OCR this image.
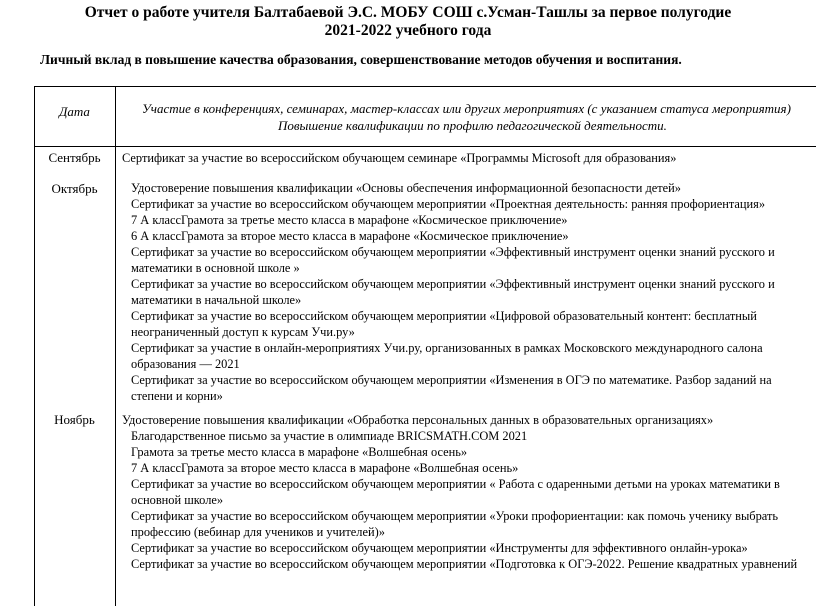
Отчет о работе учителя Балтабаевой Э.С. МОБУ СОШ с.Усман-Ташлы за первое полугодие
2021-2022 учебного года
Личный вклад в повышение качества образования, совершенствование методов обучения и воспитания.
Дата	Участие в конференциях, семинарах, мастер-классах или других мероприятиях (с указанием статуса мероприятия)
Повышение квалификации по профилю педагогической деятельности.
Сентябрь
Октябрь
Ноябрь
Сертификат за участие во всероссийском обучающем семинаре «Программы Microsoft для образования»
Удостоверение повышения квалификации «Основы обеспечения информационной безопасности детей»
Сертификат за участие во всероссийском обучающем мероприятии «Проектная деятельность: ранняя профориентация»
7 А классГрамота за третье место класса в марафоне «Космическое приключение»
6 А классГрамота за второе место класса в марафоне «Космическое приключение»
Сертификат за участие во всероссийском обучающем мероприятии «Эффективный инструмент оценки знаний русского и
математики в основной школе »
Сертификат за участие во всероссийском обучающем мероприятии «Эффективный инструмент оценки знаний русского и
математики в начальной школе»
Сертификат за участие во всероссийском обучающем мероприятии «Цифровой образовательный контент: бесплатный
неограниченный доступ к курсам Учи.ру»
Сертификат за участие в онлайн-мероприятиях Учи.ру, организованных в рамках Московского международного салона
образования — 2021
Сертификат за участие во всероссийском обучающем мероприятии «Изменения в ОГЭ по математике. Разбор заданий на
степени и корни»
Удостоверение повышения квалификации «Обработка персональных данных в образовательных организациях»
Благодарственное письмо за участие в олимпиаде BRICSMATH.COM 2021
Грамота за третье место класса в марафоне «Волшебная осень»
7 А классГрамота за второе место класса в марафоне «Волшебная осень»
Сертификат за участие во всероссийском обучающем мероприятии « Работа с одаренными детьми на уроках математики в
основной школе»
Сертификат за участие во всероссийском обучающем мероприятии «Уроки профориентации: как помочь ученику выбрать
профессию (вебинар для учеников и учителей)»
Сертификат за участие во всероссийском обучающем мероприятии «Инструменты для эффективного онлайн-урока»
Сертификат за участие во всероссийском обучающем мероприятии «Подготовка к ОГЭ-2022. Решение квадратных уравнений
